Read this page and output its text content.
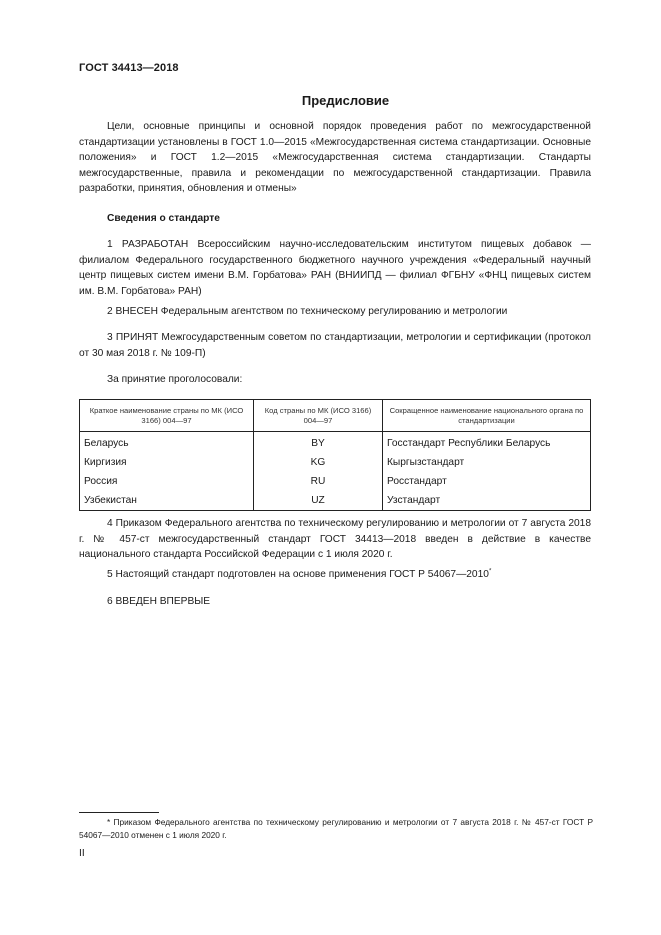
ГОСТ 34413—2018
Предисловие
Цели, основные принципы и основной порядок проведения работ по межгосударственной стандартизации установлены в ГОСТ 1.0—2015 «Межгосударственная система стандартизации. Основные положения» и ГОСТ 1.2—2015 «Межгосударственная система стандартизации. Стандарты межгосударственные, правила и рекомендации по межгосударственной стандартизации. Правила разработки, принятия, обновления и отмены»
Сведения о стандарте
1 РАЗРАБОТАН Всероссийским научно-исследовательским институтом пищевых добавок — филиалом Федерального государственного бюджетного научного учреждения «Федеральный научный центр пищевых систем имени В.М. Горбатова» РАН (ВНИИПД — филиал ФГБНУ «ФНЦ пищевых систем им. В.М. Горбатова» РАН)
2 ВНЕСЕН Федеральным агентством по техническому регулированию и метрологии
3 ПРИНЯТ Межгосударственным советом по стандартизации, метрологии и сертификации (протокол от 30 мая 2018 г. № 109-П)
За принятие проголосовали:
Краткое наименование страны по МК (ИСО 3166) 004—97	Код страны по МК (ИСО 3166) 004—97	Сокращенное наименование национального органа по стандартизации
Беларусь	BY	Госстандарт Республики Беларусь
Киргизия	KG	Кыргызстандарт
Россия	RU	Росстандарт
Узбекистан	UZ	Узстандарт
4 Приказом Федерального агентства по техническому регулированию и метрологии от 7 августа 2018 г. № 457-ст межгосударственный стандарт ГОСТ 34413—2018 введен в действие в качестве национального стандарта Российской Федерации с 1 июля 2020 г.
5 Настоящий стандарт подготовлен на основе применения ГОСТ Р 54067—2010*
6 ВВЕДЕН ВПЕРВЫЕ
* Приказом Федерального агентства по техническому регулированию и метрологии от 7 августа 2018 г. № 457-ст ГОСТ Р 54067—2010 отменен с 1 июля 2020 г.
II
